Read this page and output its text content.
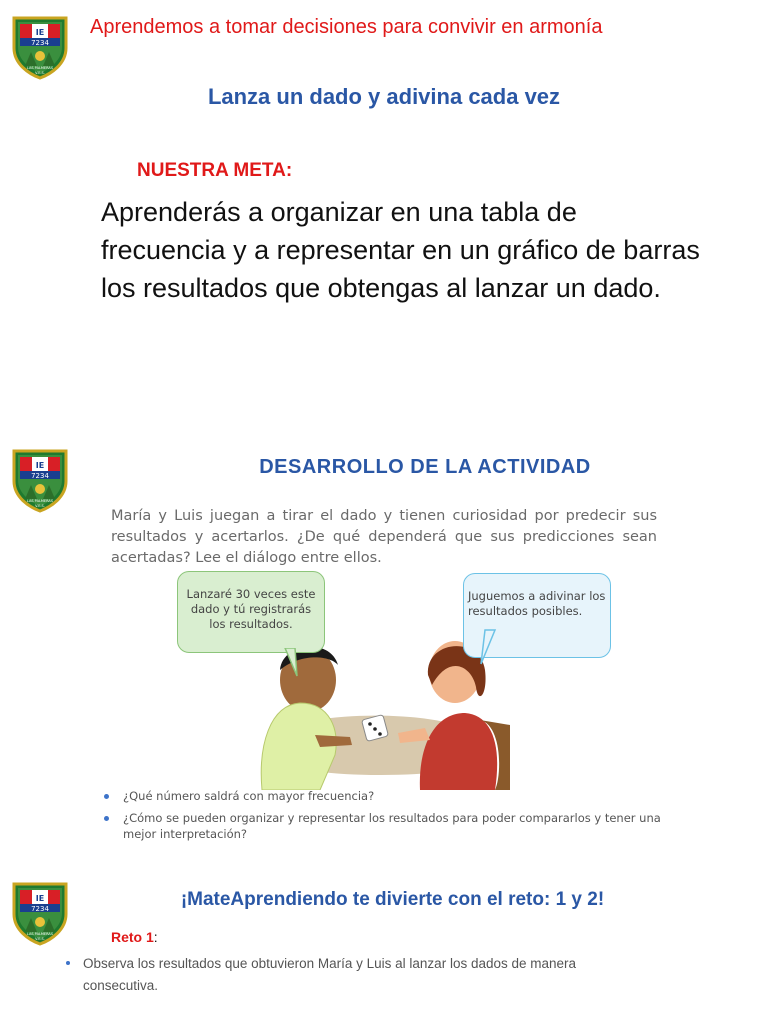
IE
7234
LAS PALMERAS
V.E.S.
Aprendemos a tomar decisiones para convivir en armonía
Lanza un dado y adivina cada vez
NUESTRA META:
Aprenderás a organizar en una tabla de frecuencia y a representar en un gráfico de barras los resultados que obtengas al lanzar un dado.
IE
7234
LAS PALMERAS
V.E.S.
DESARROLLO DE LA ACTIVIDAD
María y Luis juegan a tirar el dado y tienen curiosidad por predecir sus resultados y acertarlos. ¿De qué dependerá que sus predicciones sean acertadas? Lee el diálogo entre ellos.
Lanzaré 30 veces este dado y tú registrarás los resultados.
Juguemos a adivinar los resultados posibles.
¿Qué número saldrá con mayor frecuencia?
¿Cómo se pueden organizar y representar los resultados para poder compararlos y tener una mejor interpretación?
IE
7234
LAS PALMERAS
V.E.S.
¡MateAprendiendo te divierte con el reto: 1 y 2!
Reto 1:
Observa los resultados que obtuvieron María y Luis al lanzar los dados de manera consecutiva.
